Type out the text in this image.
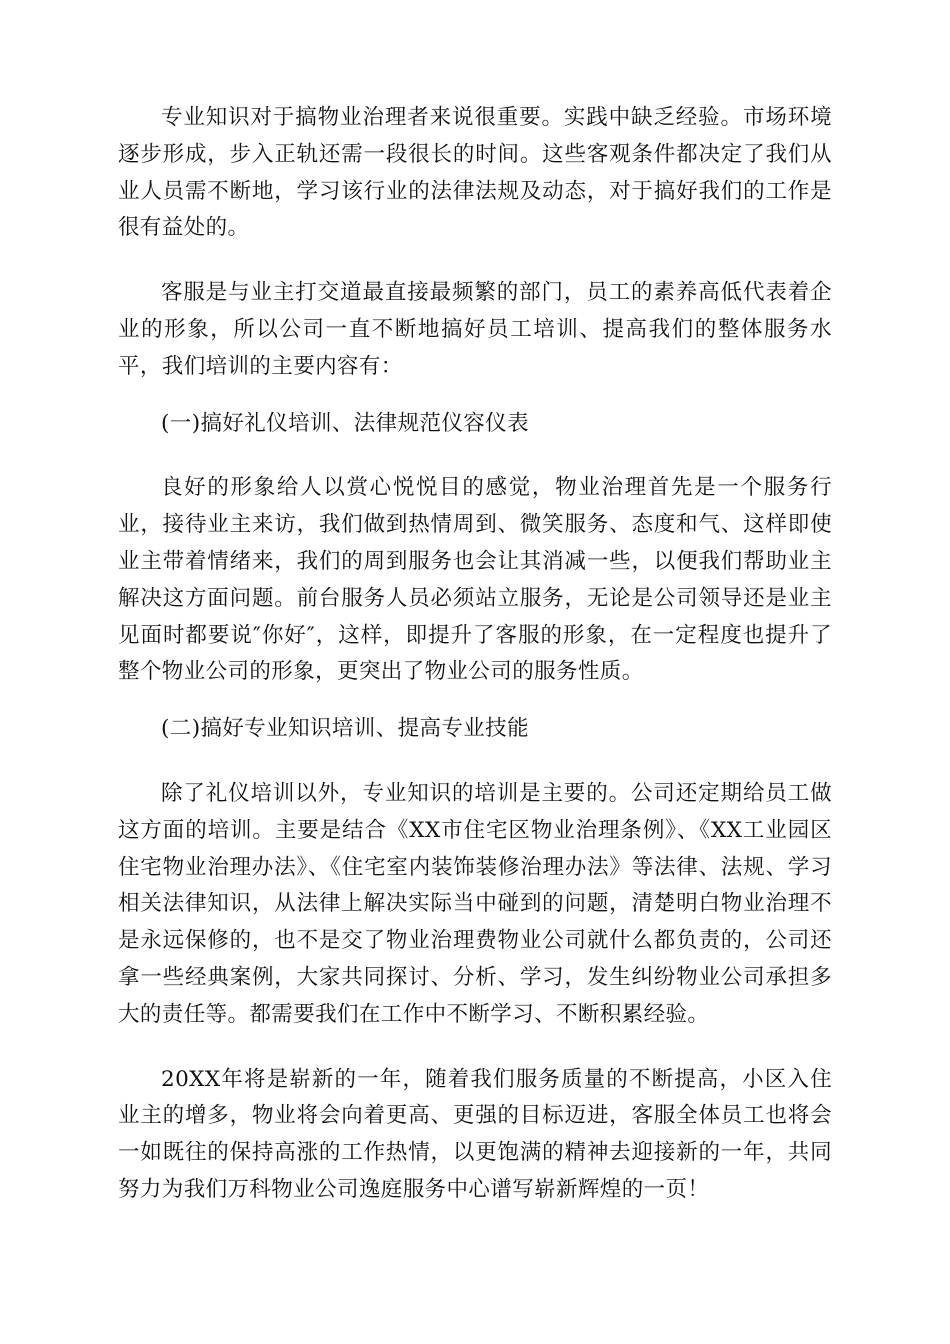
专业知识对于搞物业治理者来说很重要。实践中缺乏经验。市场环境逐步形成，步入正轨还需一段很长的时间。这些客观条件都决定了我们从业人员需不断地，学习该行业的法律法规及动态，对于搞好我们的工作是很有益处的。

客服是与业主打交道最直接最频繁的部门，员工的素养高低代表着企业的形象，所以公司一直不断地搞好员工培训、提高我们的整体服务水平，我们培训的主要内容有：

(一)搞好礼仪培训、法律规范仪容仪表

良好的形象给人以赏心悦悦目的感觉，物业治理首先是一个服务行业，接待业主来访，我们做到热情周到、微笑服务、态度和气、这样即使业主带着情绪来，我们的周到服务也会让其消减一些，以便我们帮助业主解决这方面问题。前台服务人员必须站立服务，无论是公司领导还是业主见面时都要说″你好″，这样，即提升了客服的形象，在一定程度也提升了整个物业公司的形象，更突出了物业公司的服务性质。

(二)搞好专业知识培训、提高专业技能

除了礼仪培训以外，专业知识的培训是主要的。公司还定期给员工做这方面的培训。主要是结合《XX市住宅区物业治理条例》、《XX工业园区住宅物业治理办法》、《住宅室内装饰装修治理办法》等法律、法规、学习相关法律知识，从法律上解决实际当中碰到的问题，清楚明白物业治理不是永远保修的，也不是交了物业治理费物业公司就什么都负责的，公司还拿一些经典案例，大家共同探讨、分析、学习，发生纠纷物业公司承担多大的责任等。都需要我们在工作中不断学习、不断积累经验。

20XX年将是崭新的一年，随着我们服务质量的不断提高，小区入住业主的增多，物业将会向着更高、更强的目标迈进，客服全体员工也将会一如既往的保持高涨的工作热情，以更饱满的精神去迎接新的一年，共同努力为我们万科物业公司逸庭服务中心谱写崭新辉煌的一页！
